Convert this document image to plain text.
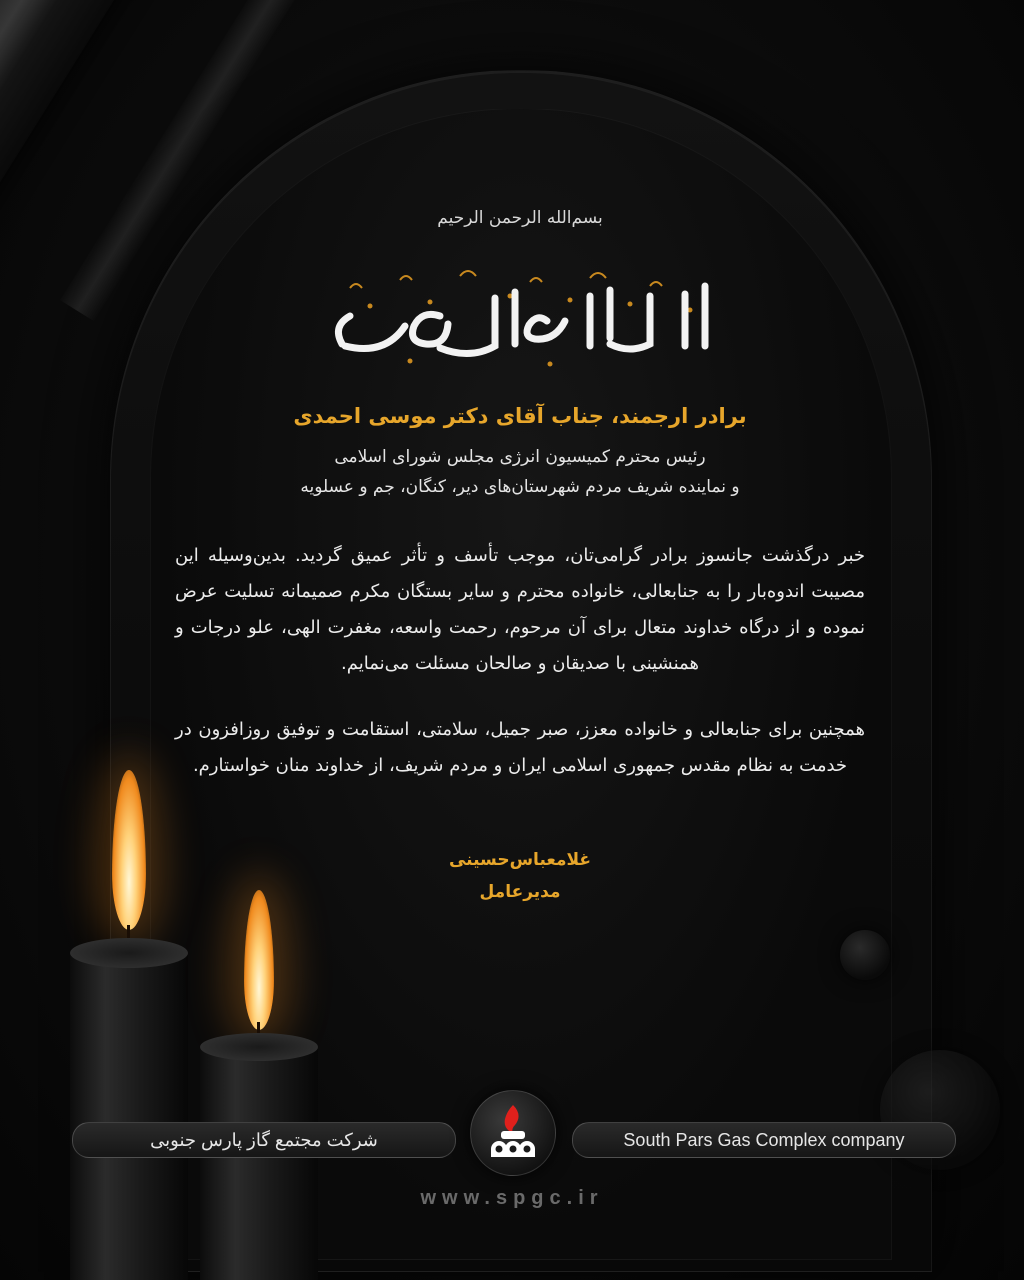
بسم‌الله الرحمن الرحیم
برادر ارجمند، جناب آقای دکتر موسی احمدی
رئیس محترم کمیسیون انرژی مجلس شورای اسلامی
و نماینده شریف مردم شهرستان‌های دیر، کنگان، جم و عسلویه
خبر درگذشت جانسوز برادر گرامی‌تان، موجب تأسف و تأثر عمیق گردید. بدین‌وسیله این مصیبت اندوه‌بار را به جنابعالی، خانواده محترم و سایر بستگان مکرم صمیمانه تسلیت عرض نموده و از درگاه خداوند متعال برای آن مرحوم، رحمت واسعه، مغفرت الهی، علو درجات و همنشینی با صدیقان و صالحان مسئلت می‌نمایم.
همچنین برای جنابعالی و خانواده معزز، صبر جمیل، سلامتی، استقامت و توفیق روزافزون در خدمت به نظام مقدس جمهوری اسلامی ایران و مردم شریف، از خداوند منان خواستارم.
غلامعباس‌حسینی
مدیرعامل
شرکت مجتمع گاز پارس جنوبی	South Pars Gas Complex company
www.spgc.ir
